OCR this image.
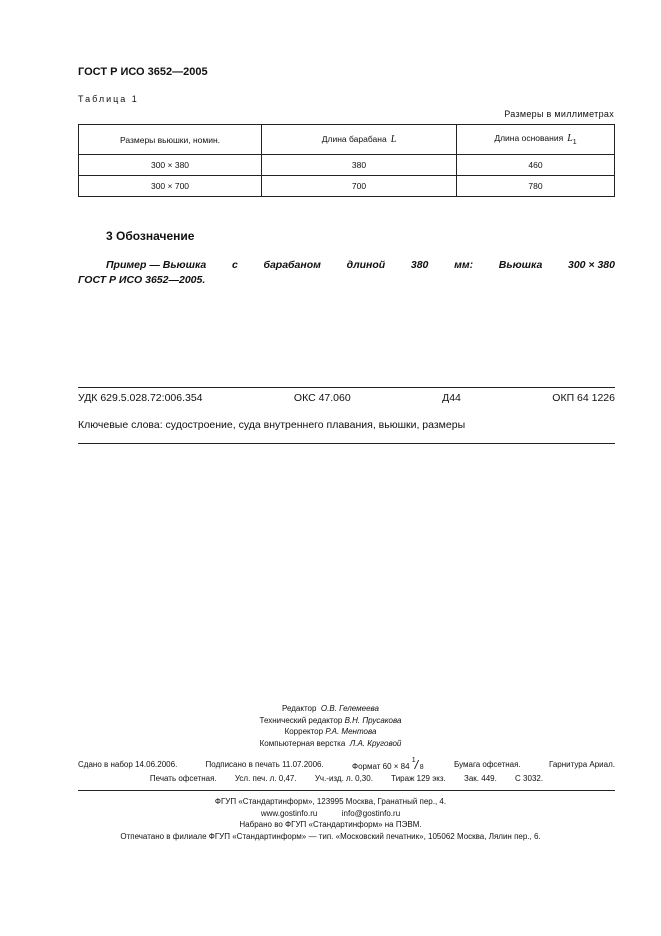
ГОСТ Р ИСО 3652—2005
Таблица 1
Размеры в миллиметрах
Размеры вьюшки, номин.	Длина барабана L	Длина основания $L_1$
300 × 380	380	460
300 × 700	700	780
3 Обозначение
Пример — Вьюшка с барабаном длиной 380 мм: Вьюшка 300 × 380
ГОСТ Р ИСО 3652—2005.
УДК 629.5.028.72:006.354	ОКС 47.060	Д44	ОКП 64 1226
Ключевые слова: судостроение, суда внутреннего плавания, вьюшки, размеры
Редактор О.В. Гелемеева
Технический редактор В.Н. Прусакова
Корректор Р.А. Ментова
Компьютерная верстка Л.А. Круговой
Сдано в набор 14.06.2006.	Подписано в печать 11.07.2006.	Формат 60 × 84
1 / 8	Бумага офсетная.	Гарнитура Ариал.
Печать офсетная. Усл. печ. л. 0,47. Уч.-изд. л. 0,30. Тираж 129 экз. Зак. 449. С 3032.
ФГУП «Стандартинформ», 123995 Москва, Гранатный пер., 4.
www.gostinfo.ru	info@gostinfo.ru
Набрано во ФГУП «Стандартинформ» на ПЭВМ.
Отпечатано в филиале ФГУП «Стандартинформ» — тип. «Московский печатник», 105062 Москва, Лялин пер., 6.
